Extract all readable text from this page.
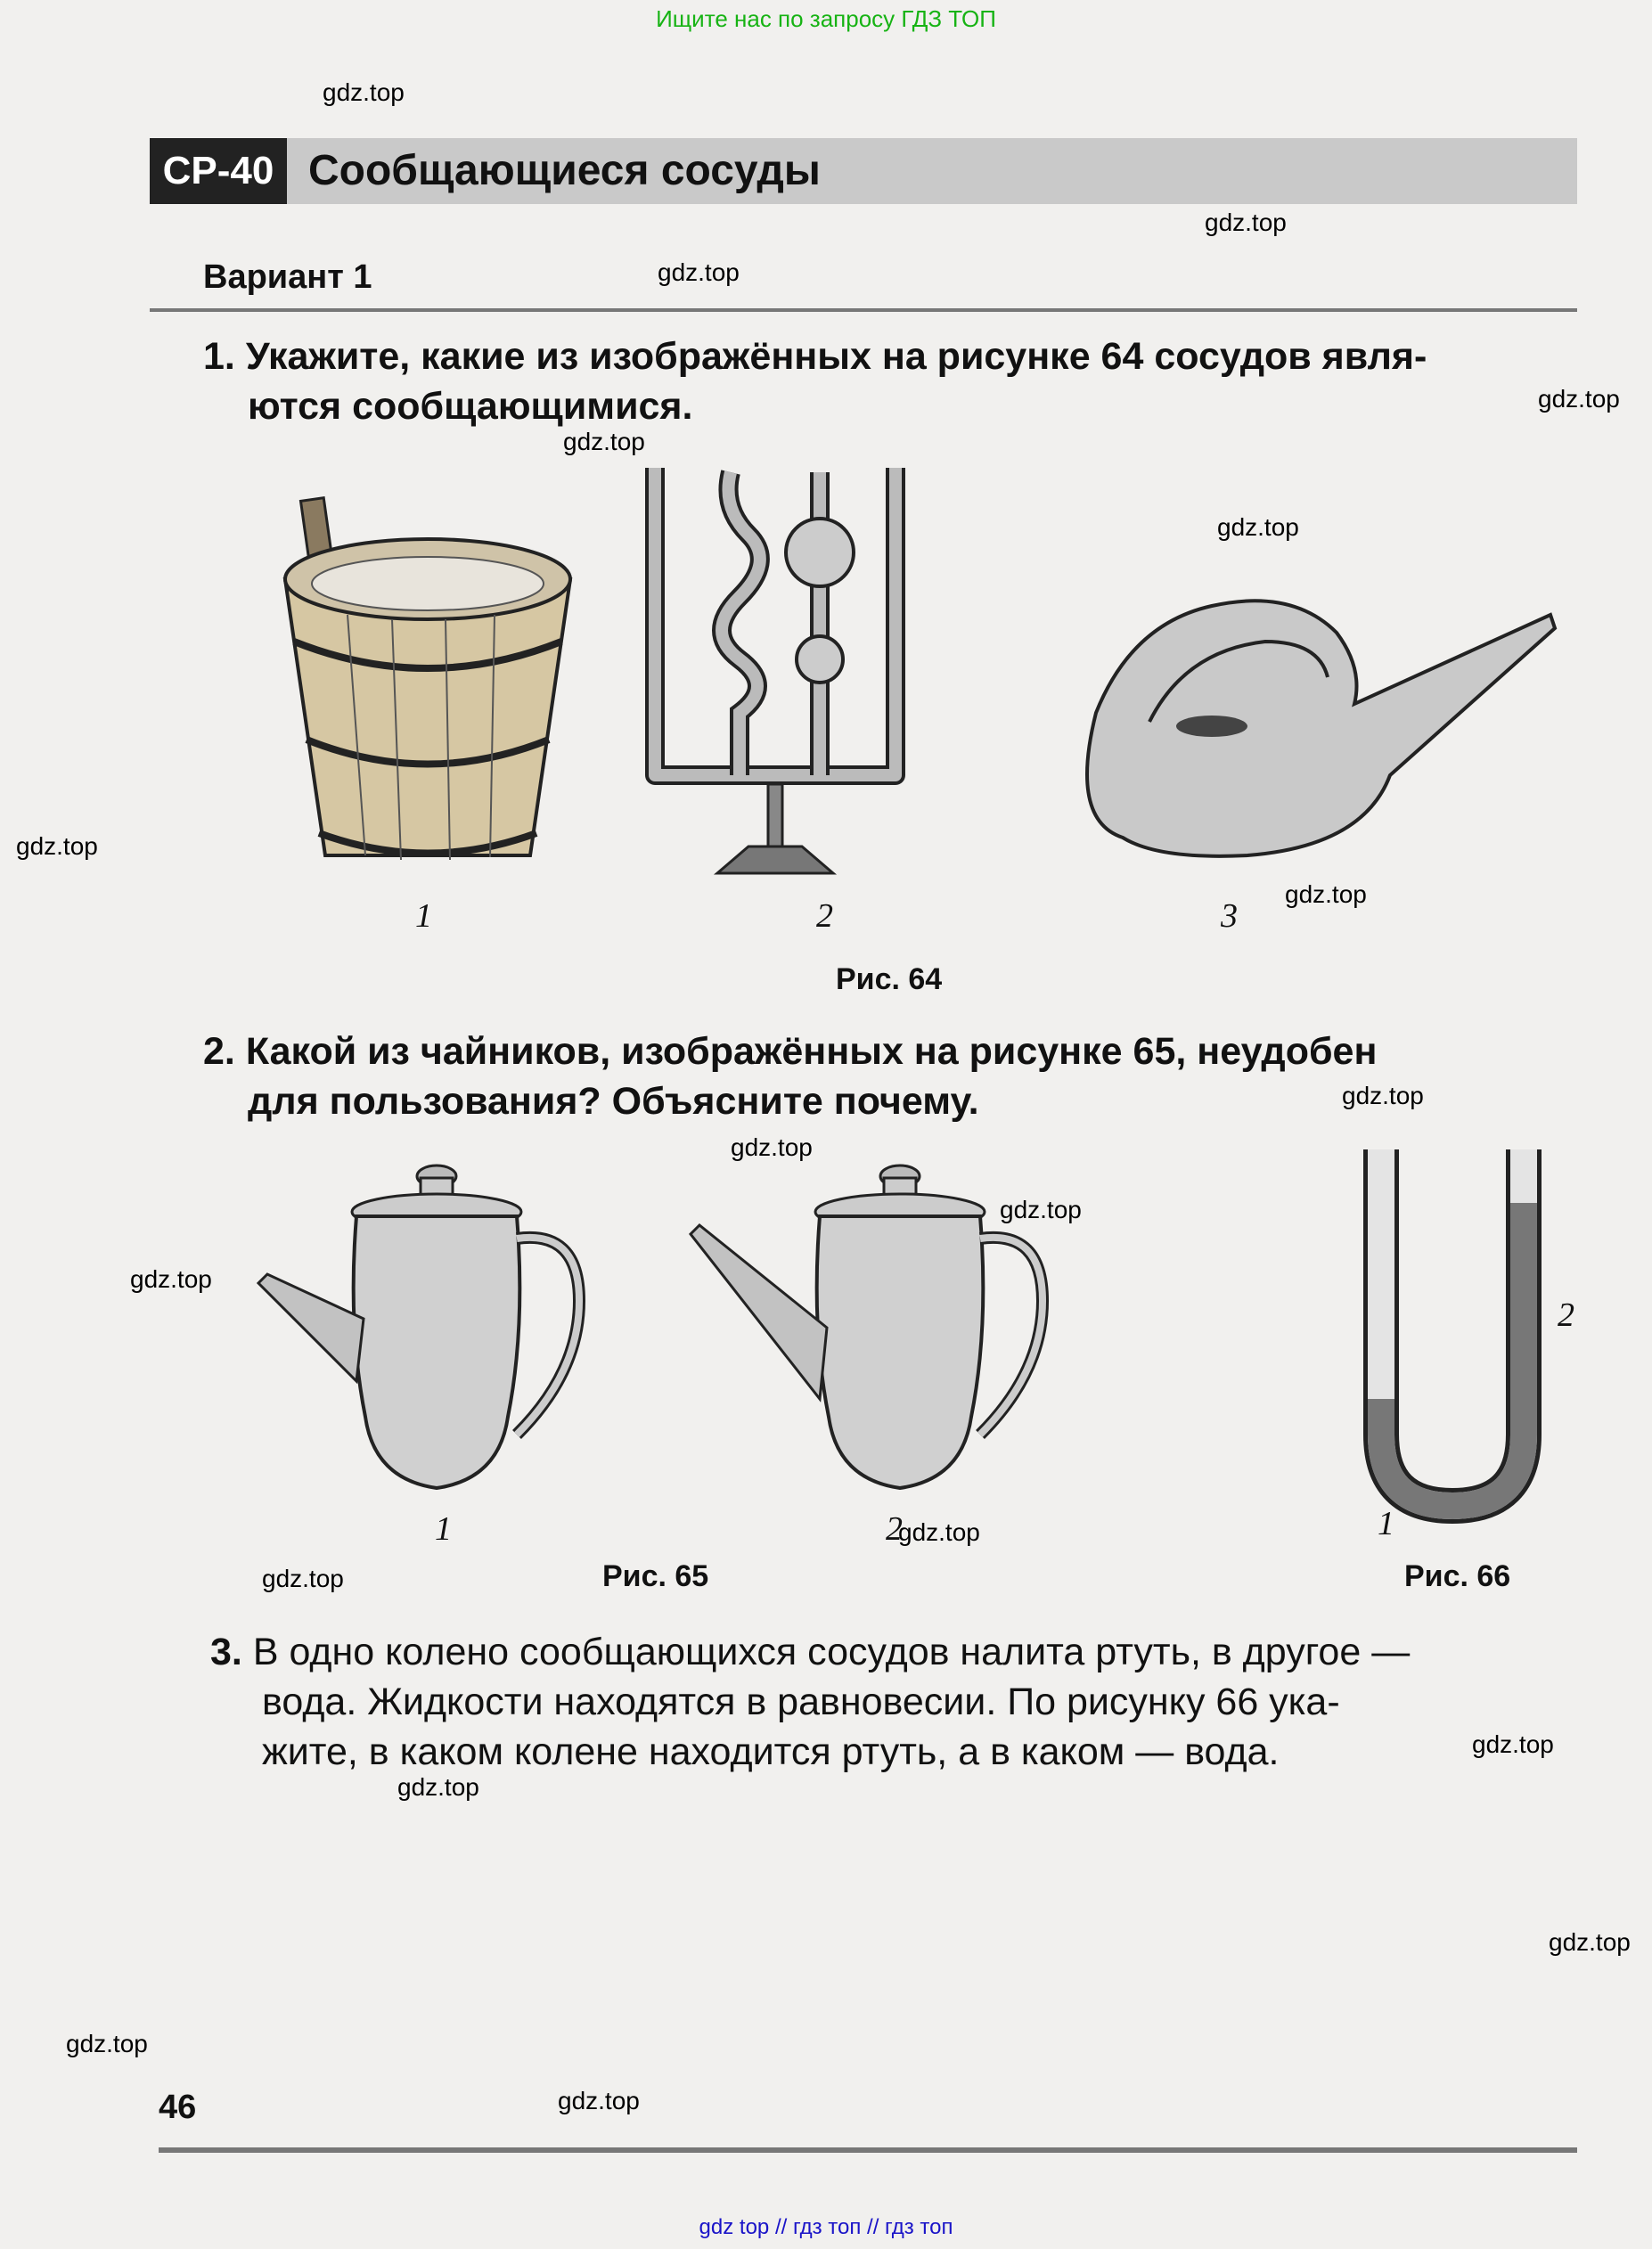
Ищите нас по запросу ГДЗ ТОП
gdz.top
gdz.top
gdz.top
gdz.top
gdz.top
gdz.top
gdz.top
gdz.top
gdz.top
gdz.top
gdz.top
gdz.top
gdz.top
gdz.top
gdz.top
gdz.top
gdz.top
gdz.top
gdz.top
СР-40 Сообщающиеся сосуды
Вариант 1
1. Укажите, какие из изображённых на рисунке 64 сосудов явля-
ются сообщающимися.
1	2	3
Рис. 64
2. Какой из чайников, изображённых на рисунке 65, неудобен
для пользования? Объясните почему.
1	2
Рис. 65
1
2
Рис. 66
3. В одно колено сообщающихся сосудов налита ртуть, в другое —
вода. Жидкости находятся в равновесии. По рисунку 66 ука-
жите, в каком колене находится ртуть, а в каком — вода.
46
gdz top // гдз топ // гдз топ
